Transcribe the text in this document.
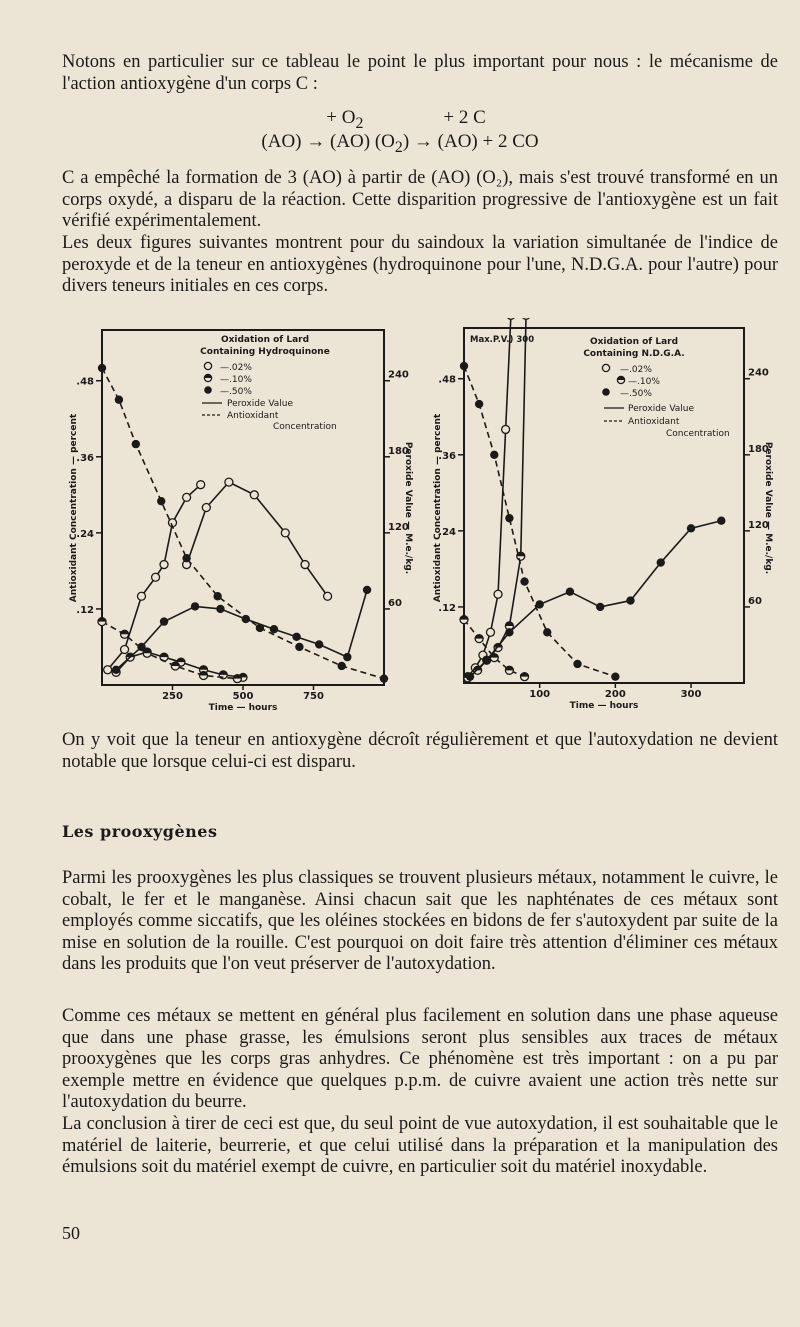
Notons en particulier sur ce tableau le point le plus important pour nous : le mécanisme de l'action antioxygène d'un corps C :

+ $O_2$	+ 2 C
(AO) → (AO) $(O_2) \to (AO) + 2$ CO

C a empêché la formation de 3 (AO) à partir de (AO) (O₂), mais s'est trouvé transformé en un corps oxydé, a disparu de la réaction. Cette disparition progressive de l'antioxygène est un fait vérifié expérimentalement.

Les deux figures suivantes montrent pour du saindoux la variation simultanée de l'indice de peroxyde et de la teneur en antioxygènes (hydroquinone pour l'une, N.D.G.A. pour l'autre) pour divers teneurs initiales en ces corps.

Oxidation of Lard
Containing Hydroquinone
—.02%
—.10%
—.50%
Peroxide Value
Antioxidant
Concentration
250	500	750
.48
.36
.24
.12
240
180
120
60
Time — hours
Antioxidant Concentration — percent	Peroxide Value — M.e./kg.
Max.P.V.) 300	Oxidation of Lard
Containing N.D.G.A.
—.02%
—.10%
—.50%
Peroxide Value
Antioxidant
Concentration
100	200	300
.48
.36
.24
.12
240
180
120
60
Time — hours
Antioxidant Concentration — percent	Peroxide Value — M.e./kg.

On y voit que la teneur en antioxygène décroît régulièrement et que l'autoxydation ne devient notable que lorsque celui-ci est disparu.

Les prooxygènes

Parmi les prooxygènes les plus classiques se trouvent plusieurs métaux, notamment le cuivre, le cobalt, le fer et le manganèse. Ainsi chacun sait que les naphténates de ces métaux sont employés comme siccatifs, que les oléines stockées en bidons de fer s'autoxydent par suite de la mise en solution de la rouille. C'est pourquoi on doit faire très attention d'éliminer ces métaux dans les produits que l'on veut préserver de l'autoxydation.

Comme ces métaux se mettent en général plus facilement en solution dans une phase aqueuse que dans une phase grasse, les émulsions seront plus sensibles aux traces de métaux prooxygènes que les corps gras anhydres. Ce phénomène est très important : on a pu par exemple mettre en évidence que quelques p.p.m. de cuivre avaient une action très nette sur l'autoxydation du beurre.

La conclusion à tirer de ceci est que, du seul point de vue autoxydation, il est souhaitable que le matériel de laiterie, beurrerie, et que celui utilisé dans la préparation et la manipulation des émulsions soit du matériel exempt de cuivre, en particulier soit du matériel inoxydable.

50
